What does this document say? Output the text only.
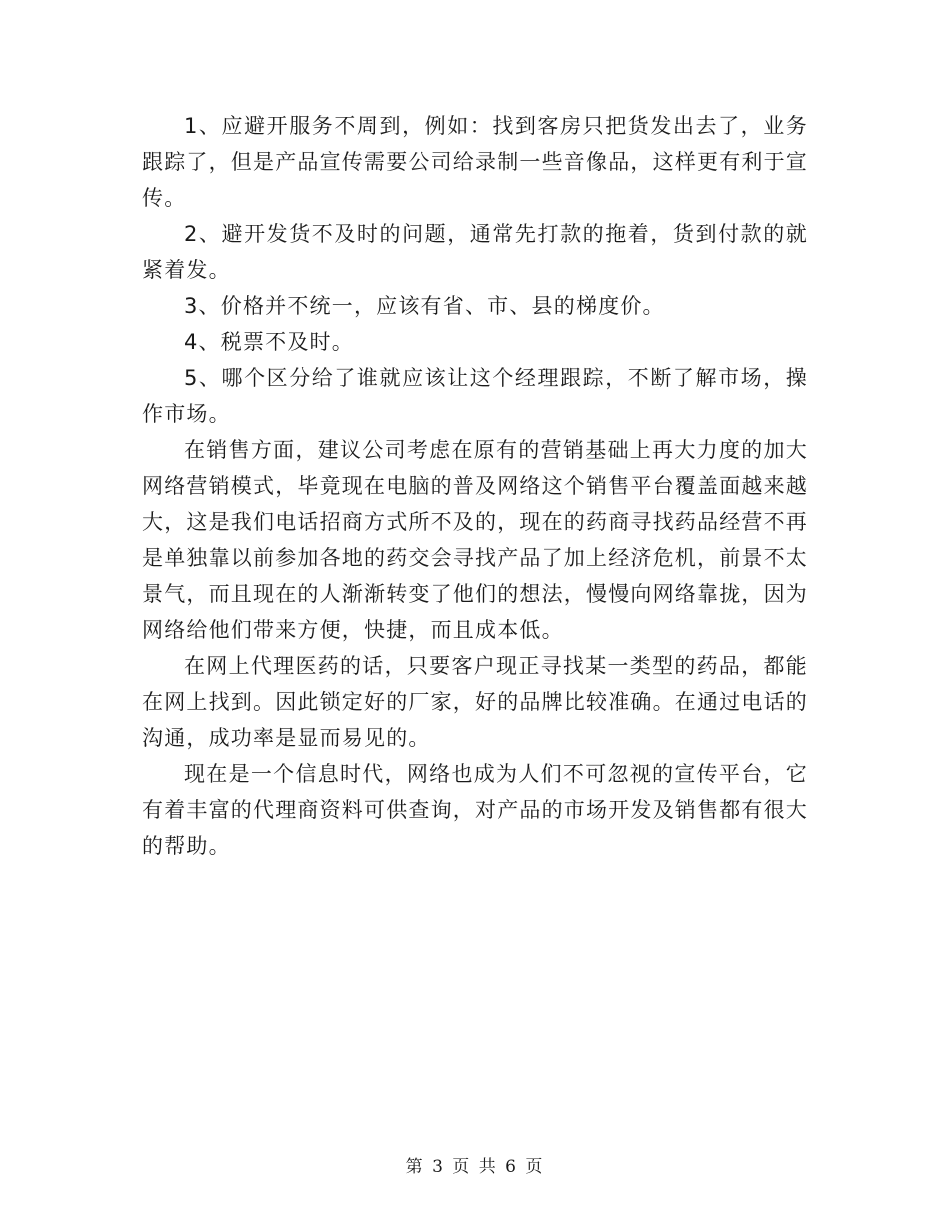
1、应避开服务不周到，例如：找到客房只把货发出去了，业务跟踪了，但是产品宣传需要公司给录制一些音像品，这样更有利于宣传。

2、避开发货不及时的问题，通常先打款的拖着，货到付款的就紧着发。

3、价格并不统一，应该有省、市、县的梯度价。

4、税票不及时。

5、哪个区分给了谁就应该让这个经理跟踪，不断了解市场，操作市场。

在销售方面，建议公司考虑在原有的营销基础上再大力度的加大网络营销模式，毕竟现在电脑的普及网络这个销售平台覆盖面越来越大，这是我们电话招商方式所不及的，现在的药商寻找药品经营不再是单独靠以前参加各地的药交会寻找产品了加上经济危机，前景不太景气，而且现在的人渐渐转变了他们的想法，慢慢向网络靠拢，因为网络给他们带来方便，快捷，而且成本低。

在网上代理医药的话，只要客户现正寻找某一类型的药品，都能在网上找到。因此锁定好的厂家，好的品牌比较准确。在通过电话的沟通，成功率是显而易见的。

现在是一个信息时代，网络也成为人们不可忽视的宣传平台，它有着丰富的代理商资料可供查询，对产品的市场开发及销售都有很大的帮助。

第 3 页 共 6 页
